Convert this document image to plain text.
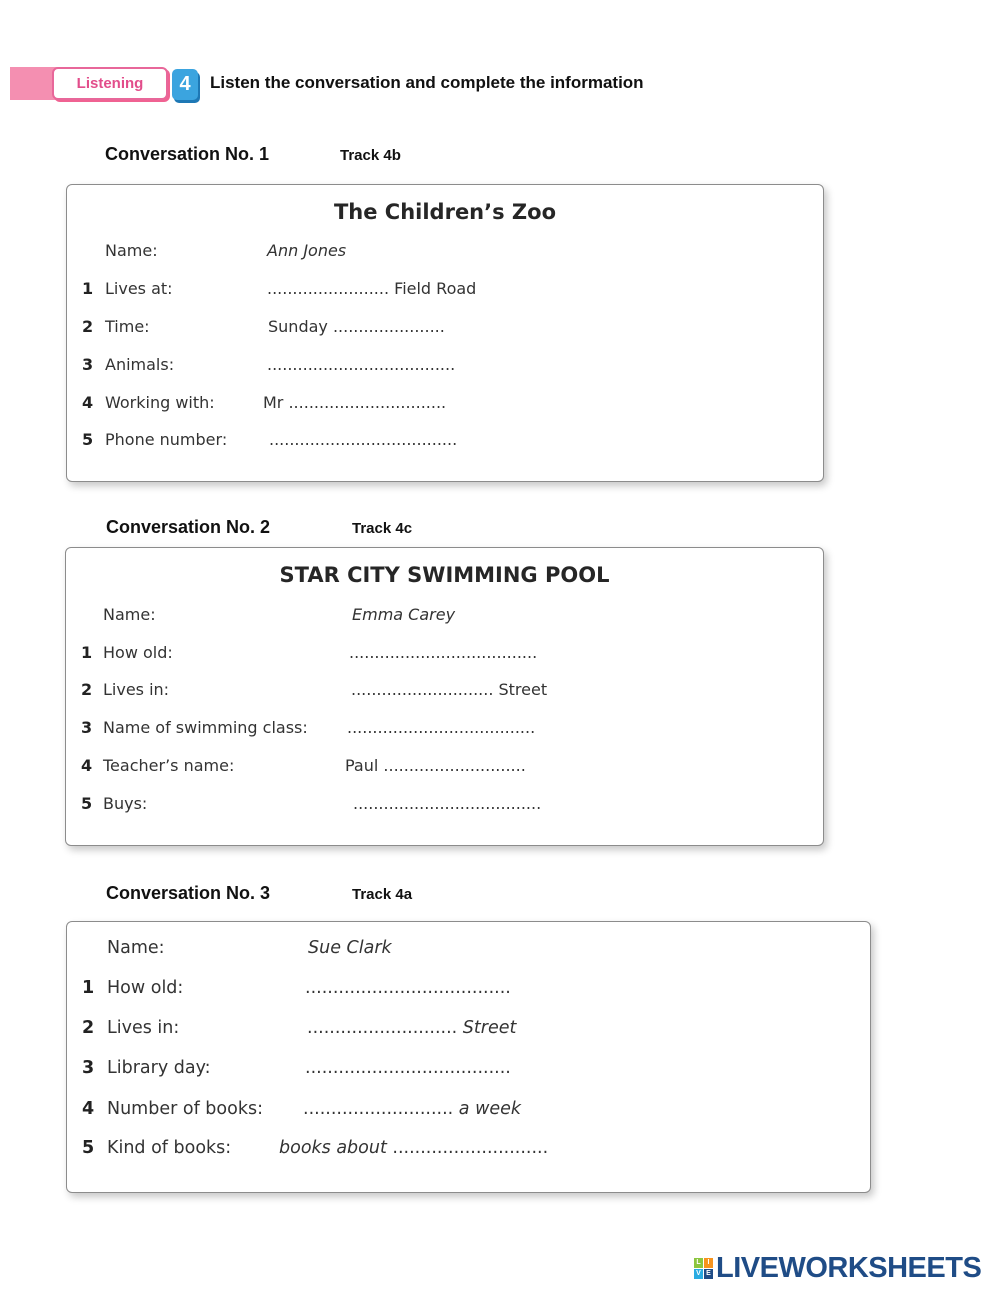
Listening	4	Listen the conversation and complete the information
Conversation No. 1	Track 4b
The Children’s Zoo
Name:	Ann Jones
1 Lives at:	........................ Field Road
2 Time:	Sunday ......................
3 Animals:	.....................................
4 Working with:	Mr ...............................
5 Phone number:	.....................................
Conversation No. 2	Track 4c
STAR CITY SWIMMING POOL
Name:	Emma Carey
1 How old:	.....................................
2 Lives in:	............................ Street
3 Name of swimming class: .....................................
4 Teacher’s name:	Paul ............................
5 Buys:	.....................................
Conversation No. 3	Track 4a
Name:	Sue Clark
1 How old:	.....................................
2 Lives in:	........................... Street
3 Library day:	.....................................
4 Number of books: ........................... a week
5 Kind of books:	books about ............................
L I
V E LIVEWORKSHEETS
